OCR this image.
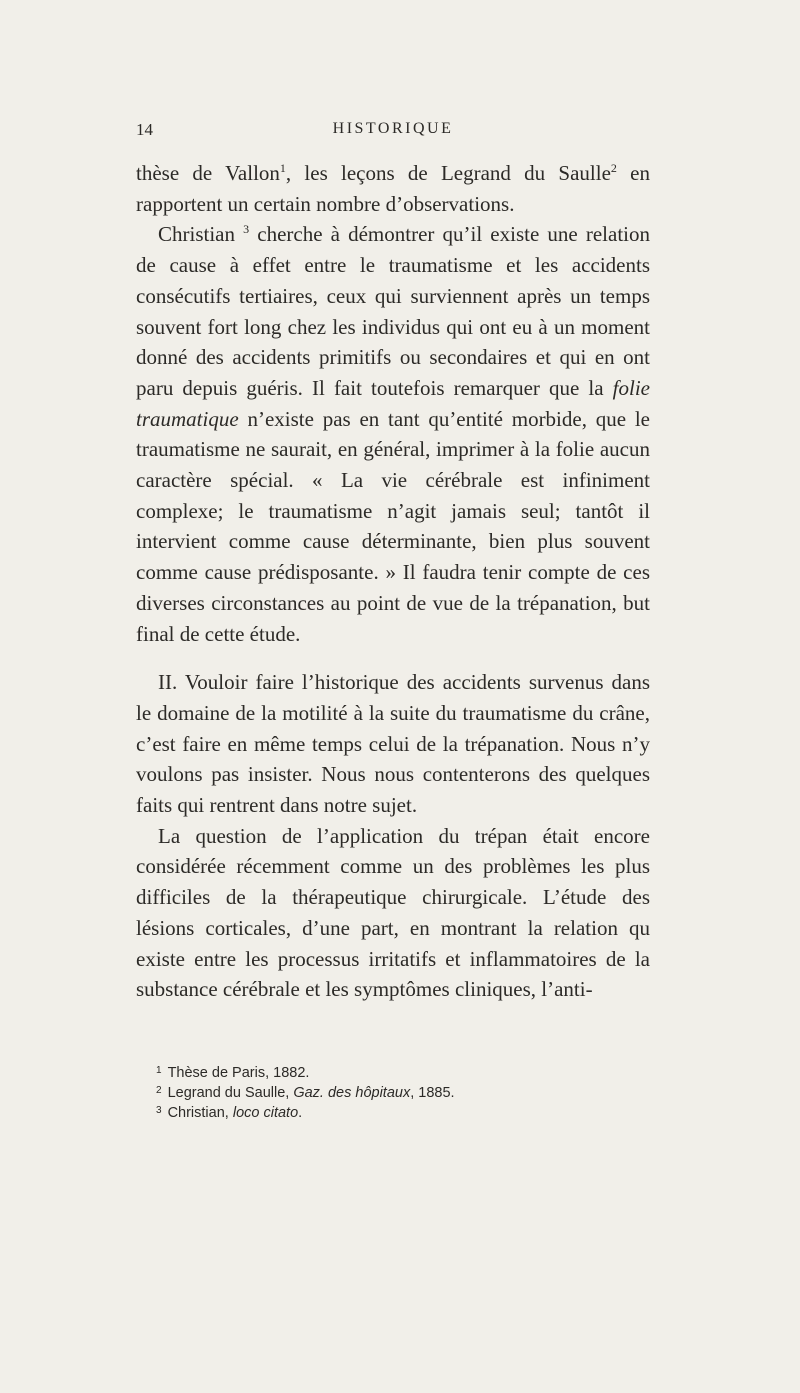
14	HISTORIQUE

thèse de Vallon$^1$, les leçons de Legrand du Saulle$^2$ en rapportent un certain nombre d’observations.

Christian $^3$ cherche à démontrer qu’il existe une relation de cause à effet entre le traumatisme et les accidents consécutifs tertiaires, ceux qui surviennent après un temps souvent fort long chez les individus qui ont eu à un moment donné des accidents primitifs ou secondaires et qui en ont paru depuis guéris. Il fait toutefois remarquer que la folie traumatique n’existe pas en tant qu’entité morbide, que le traumatisme ne saurait, en général, imprimer à la folie aucun caractère spécial. « La vie cérébrale est infiniment complexe; le traumatisme n’agit jamais seul; tantôt il intervient comme cause déterminante, bien plus souvent comme cause prédisposante. » Il faudra tenir compte de ces diverses circonstances au point de vue de la trépanation, but final de cette étude.

II. Vouloir faire l’historique des accidents survenus dans le domaine de la motilité à la suite du traumatisme du crâne, c’est faire en même temps celui de la trépanation. Nous n’y voulons pas insister. Nous nous contenterons des quelques faits qui rentrent dans notre sujet.

La question de l’application du trépan était encore considérée récemment comme un des problèmes les plus difficiles de la thérapeutique chirurgicale. L’étude des lésions corticales, d’une part, en montrant la relation qu existe entre les processus irritatifs et inflammatoires de la substance cérébrale et les symptômes cliniques, l’anti-

$^1$ Thèse de Paris, 1882.

$^2$ Legrand du Saulle, Gaz. des hôpitaux, 1885.

$^3$ Christian, loco citato.
